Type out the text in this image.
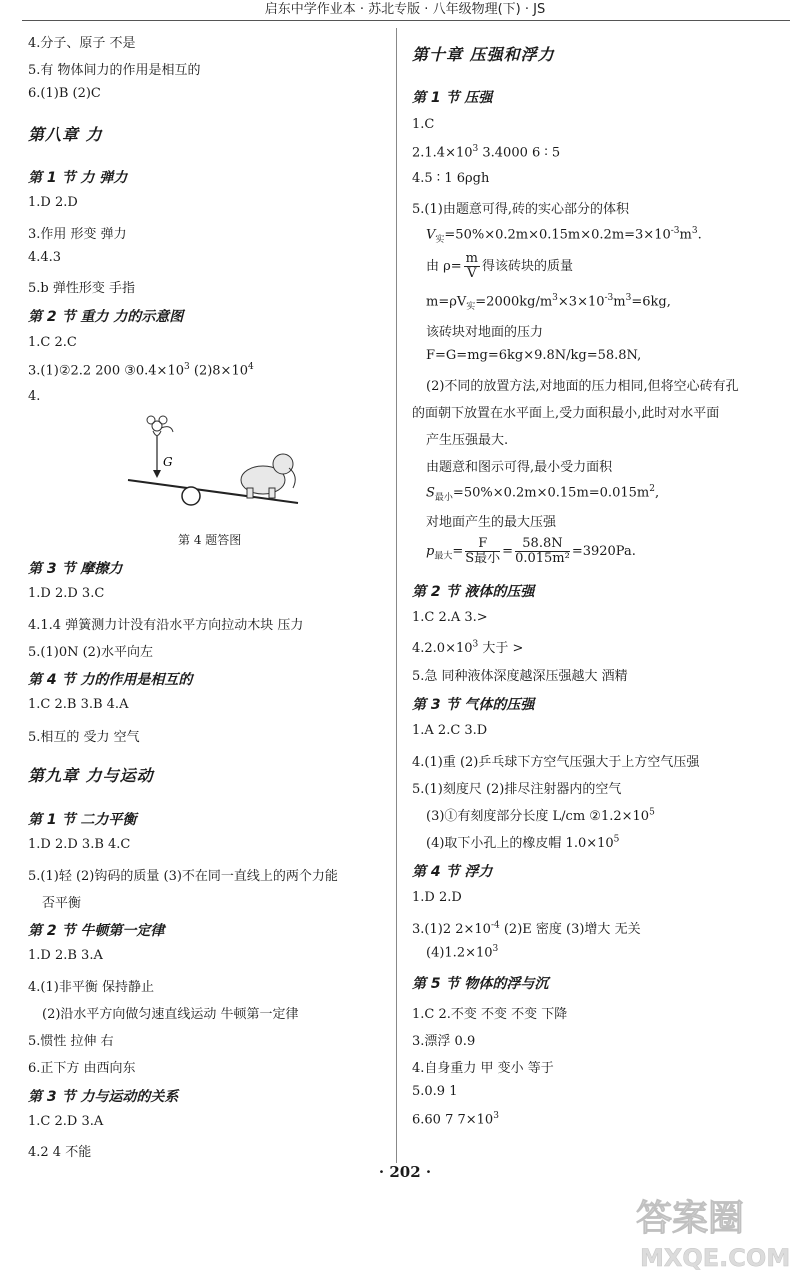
启东中学作业本 · 苏北专版 · 八年级物理(下) · JS
4.分子、原子 不是
5.有 物体间力的作用是相互的
6.(1)B (2)C
第八章 力
第 1 节 力 弹力
1.D 2.D
3.作用 形变 弹力
4.4.3
5.b 弹性形变 手指
第 2 节 重力 力的示意图
1.C 2.C
3.(1)②2.2 200 $③0.4\times 10^3$ $(2)8\times 10^4$
4.
G
第 4 题答图
第 3 节 摩擦力
1.D 2.D 3.C
4.1.4 弹簧测力计没有沿水平方向拉动木块 压力
5.(1)0N (2)水平向左
第 4 节 力的作用是相互的
1.C 2.B 3.B 4.A
5.相互的 受力 空气
第九章 力与运动
第 1 节 二力平衡
1.D 2.D 3.B 4.C
5.(1)轻 (2)钩码的质量 (3)不在同一直线上的两个力能
否平衡
第 2 节 牛顿第一定律
1.D 2.B 3.A
4.(1)非平衡 保持静止
(2)沿水平方向做匀速直线运动 牛顿第一定律
5.惯性 拉伸 右
6.正下方 由西向东
第 3 节 力与运动的关系
1.C 2.D 3.A
4.2 4 不能
第十章 压强和浮力
第 1 节 压强
1.C
$2.1.4\times 10^3$ 3.4000 6 ∶ 5
4.5 ∶ 1 6ρgh
5.(1)由题意可得,砖的实心部分的体积
$V_实=50\%\times 0.2m\times 0.15m\times 0.2m=3\times 10^{-3}m^3$.
由 $\rho= \frac{m}{V}$ 得该砖块的质量
$m=\rho V_实=2000kg/m^3\times 3\times 10^{-3}m^3=6kg$,
该砖块对地面的压力
F=G=mg=6kg×9.8N/kg=58.8N,
(2)不同的放置方法,对地面的压力相同,但将空心砖有孔
的面朝下放置在水平面上,受力面积最小,此时对水平面
产生压强最大.
由题意和图示可得,最小受力面积
$S_{最小}=50\%\times 0.2m\times 0.15m=0.015m^2$,
对地面产生的最大压强
$p_{最大}= \frac{F}{\text{S最小}} = \frac{58.8N}{\text{0.015m²}} =3920Pa$.
第 2 节 液体的压强
1.C 2.A 3.>
$4.2.0\times 10^3$ 大于 >
5.急 同种液体深度越深压强越大 酒精
第 3 节 气体的压强
1.A 2.C 3.D
4.(1)重 (2)乒乓球下方空气压强大于上方空气压强
5.(1)刻度尺 (2)排尽注射器内的空气
(3)①有刻度部分长度 L/cm $②1.2\times 10^5$
(4)取下小孔上的橡皮帽 $1.0\times 10^5$
第 4 节 浮力
1.D 2.D
3.(1)2 $2\times 10^{-4}$ (2)E 密度 (3)增大 无关
$(4)1.2\times 10^3$
第 5 节 物体的浮与沉
1.C 2.不变 不变 不变 下降
3.漂浮 0.9
4.自身重力 甲 变小 等于
5.0.9 1
6.60 7 $7\times 10^3$
· 202 ·
答案圈
MXQE.COM
